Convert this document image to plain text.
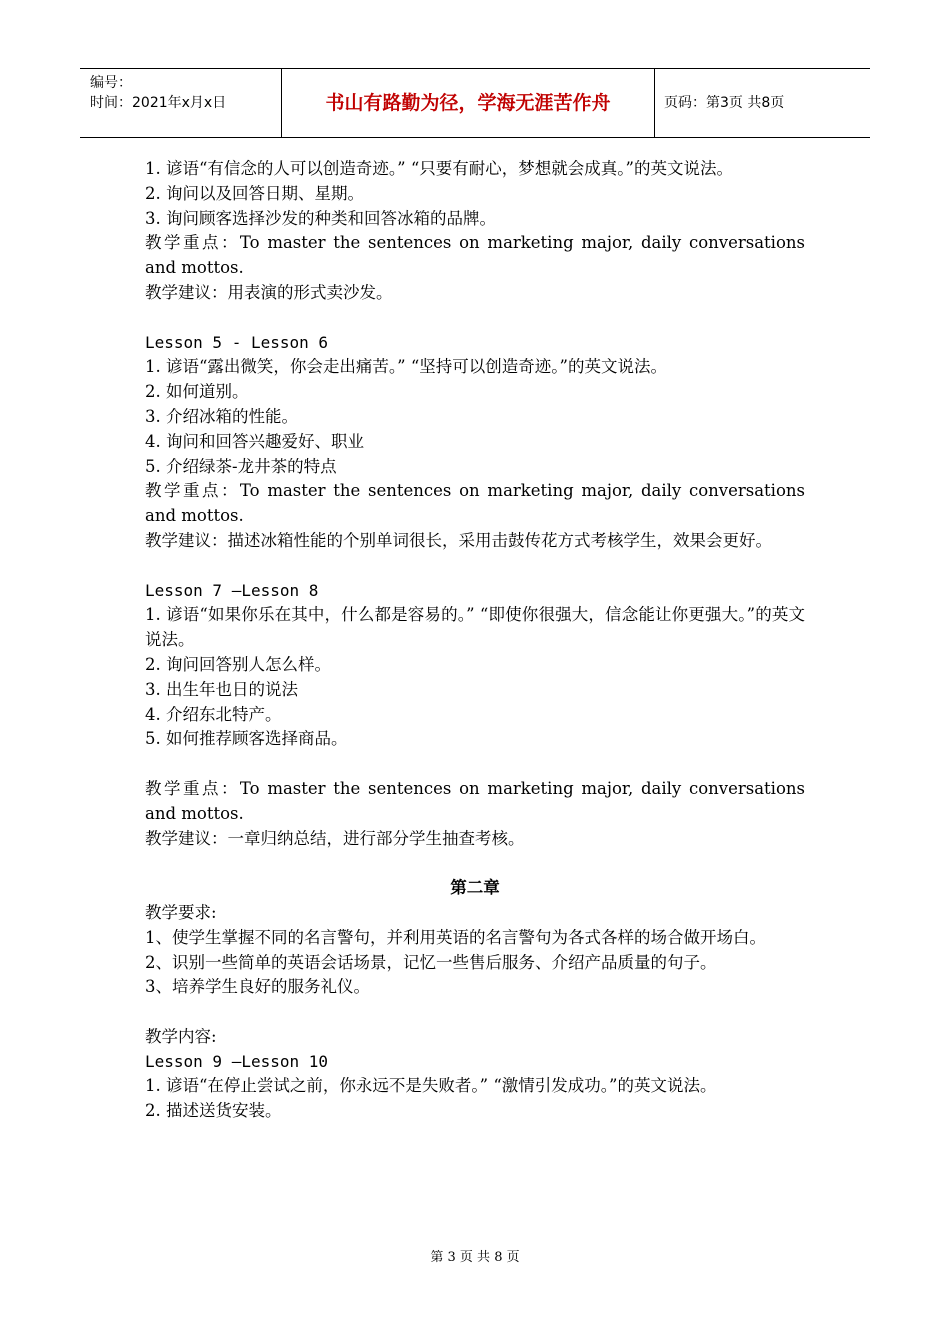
编号：
时间：2021年x月x日	书山有路勤为径，学海无涯苦作舟	页码：第3页 共8页

1. 谚语“有信念的人可以创造奇迹。” “只要有耐心，梦想就会成真。”的英文说法。

2. 询问以及回答日期、星期。

3. 询问顾客选择沙发的种类和回答冰箱的品牌。

教学重点：To master the sentences on marketing major, daily conversations and mottos.

教学建议：用表演的形式卖沙发。

Lesson 5 - Lesson 6

1. 谚语“露出微笑，你会走出痛苦。” “坚持可以创造奇迹。”的英文说法。

2. 如何道别。

3. 介绍冰箱的性能。

4. 询问和回答兴趣爱好、职业

5. 介绍绿茶-龙井茶的特点

教学重点：To master the sentences on marketing major, daily conversations and mottos.

教学建议：描述冰箱性能的个别单词很长，采用击鼓传花方式考核学生，效果会更好。

Lesson 7 –Lesson 8

1. 谚语“如果你乐在其中，什么都是容易的。” “即使你很强大，信念能让你更强大。”的英文说法。

2. 询问回答别人怎么样。

3. 出生年也日的说法

4. 介绍东北特产。

5. 如何推荐顾客选择商品。

教学重点：To master the sentences on marketing major, daily conversations and mottos.

教学建议：一章归纳总结，进行部分学生抽查考核。

第二章

教学要求:

1、使学生掌握不同的名言警句，并利用英语的名言警句为各式各样的场合做开场白。

2、识别一些简单的英语会话场景，记忆一些售后服务、介绍产品质量的句子。

3、培养学生良好的服务礼仪。

教学内容:

Lesson 9 –Lesson 10

1. 谚语“在停止尝试之前，你永远不是失败者。” “激情引发成功。”的英文说法。

2. 描述送货安装。

第 3 页 共 8 页
